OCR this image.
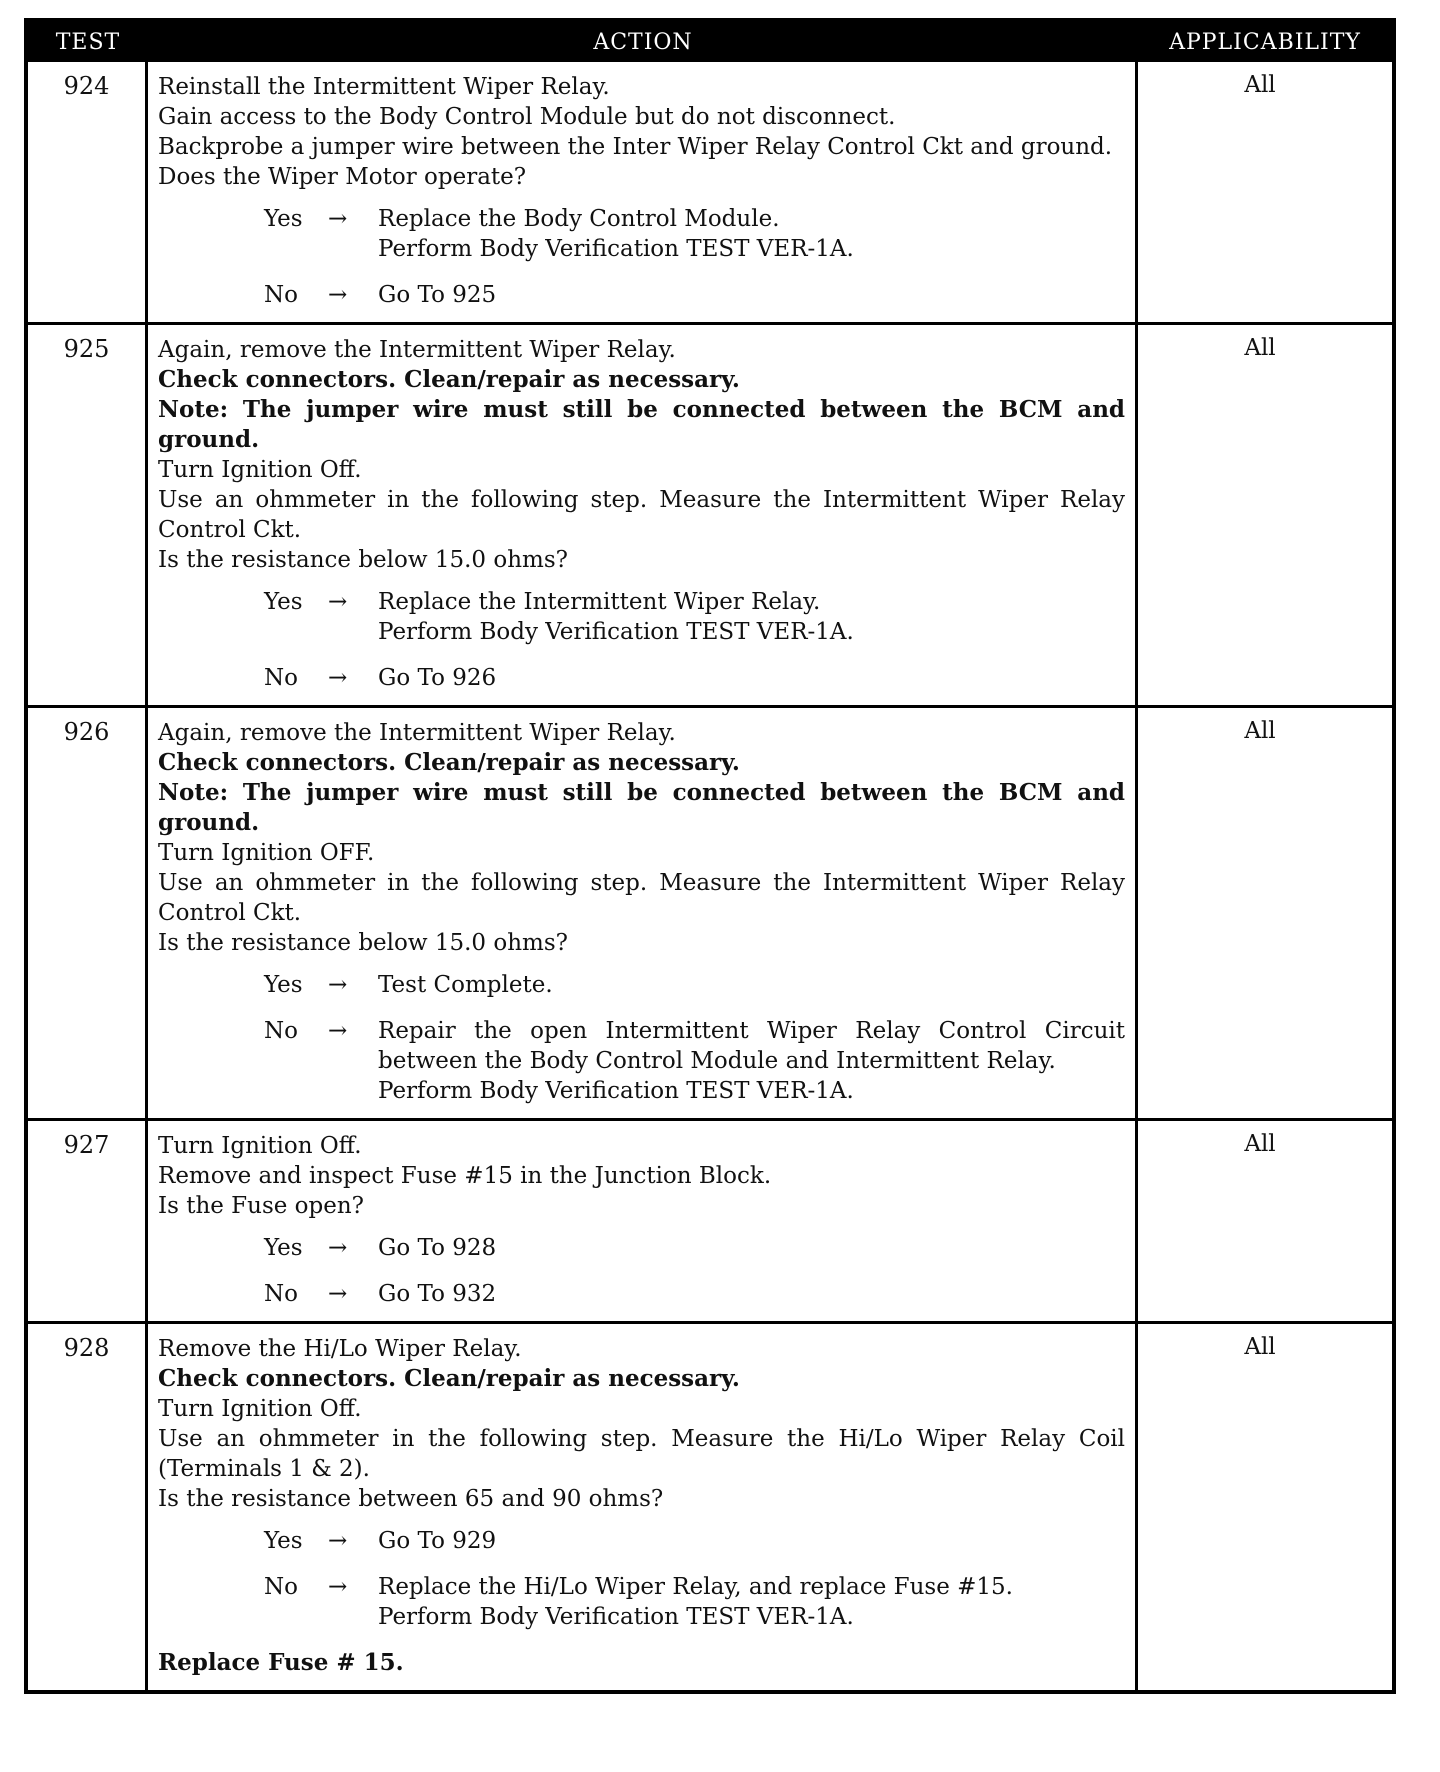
TEST	ACTION	APPLICABILITY
924	Reinstall the Intermittent Wiper Relay.
Gain access to the Body Control Module but do not disconnect.
Backprobe a jumper wire between the Inter Wiper Relay Control Ckt and ground.
Does the Wiper Motor operate?
Yes	→	Replace the Body Control Module.
Perform Body Verification TEST VER-1A.
No	→	Go To 925
All
925	Again, remove the Intermittent Wiper Relay.
Check connectors. Clean/repair as necessary.
Note: The jumper wire must still be connected between the BCM and ground.
Turn Ignition Off.
Use an ohmmeter in the following step. Measure the Intermittent Wiper Relay Control Ckt.
Is the resistance below 15.0 ohms?
Yes	→	Replace the Intermittent Wiper Relay.
Perform Body Verification TEST VER-1A.
No	→	Go To 926
All
926	Again, remove the Intermittent Wiper Relay.
Check connectors. Clean/repair as necessary.
Note: The jumper wire must still be connected between the BCM and ground.
Turn Ignition OFF.
Use an ohmmeter in the following step. Measure the Intermittent Wiper Relay Control Ckt.
Is the resistance below 15.0 ohms?
Yes	→	Test Complete.
No	→	Repair the open Intermittent Wiper Relay Control Circuit between the Body Control Module and Intermittent Relay.
Perform Body Verification TEST VER-1A.
All
927	Turn Ignition Off.
Remove and inspect Fuse #15 in the Junction Block.
Is the Fuse open?
Yes	→	Go To 928
No	→	Go To 932
All
928	Remove the Hi/Lo Wiper Relay.
Check connectors. Clean/repair as necessary.
Turn Ignition Off.
Use an ohmmeter in the following step. Measure the Hi/Lo Wiper Relay Coil (Terminals 1 & 2).
Is the resistance between 65 and 90 ohms?
Yes	→	Go To 929
No	→	Replace the Hi/Lo Wiper Relay, and replace Fuse #15.
Perform Body Verification TEST VER-1A.
Replace Fuse # 15.
All
